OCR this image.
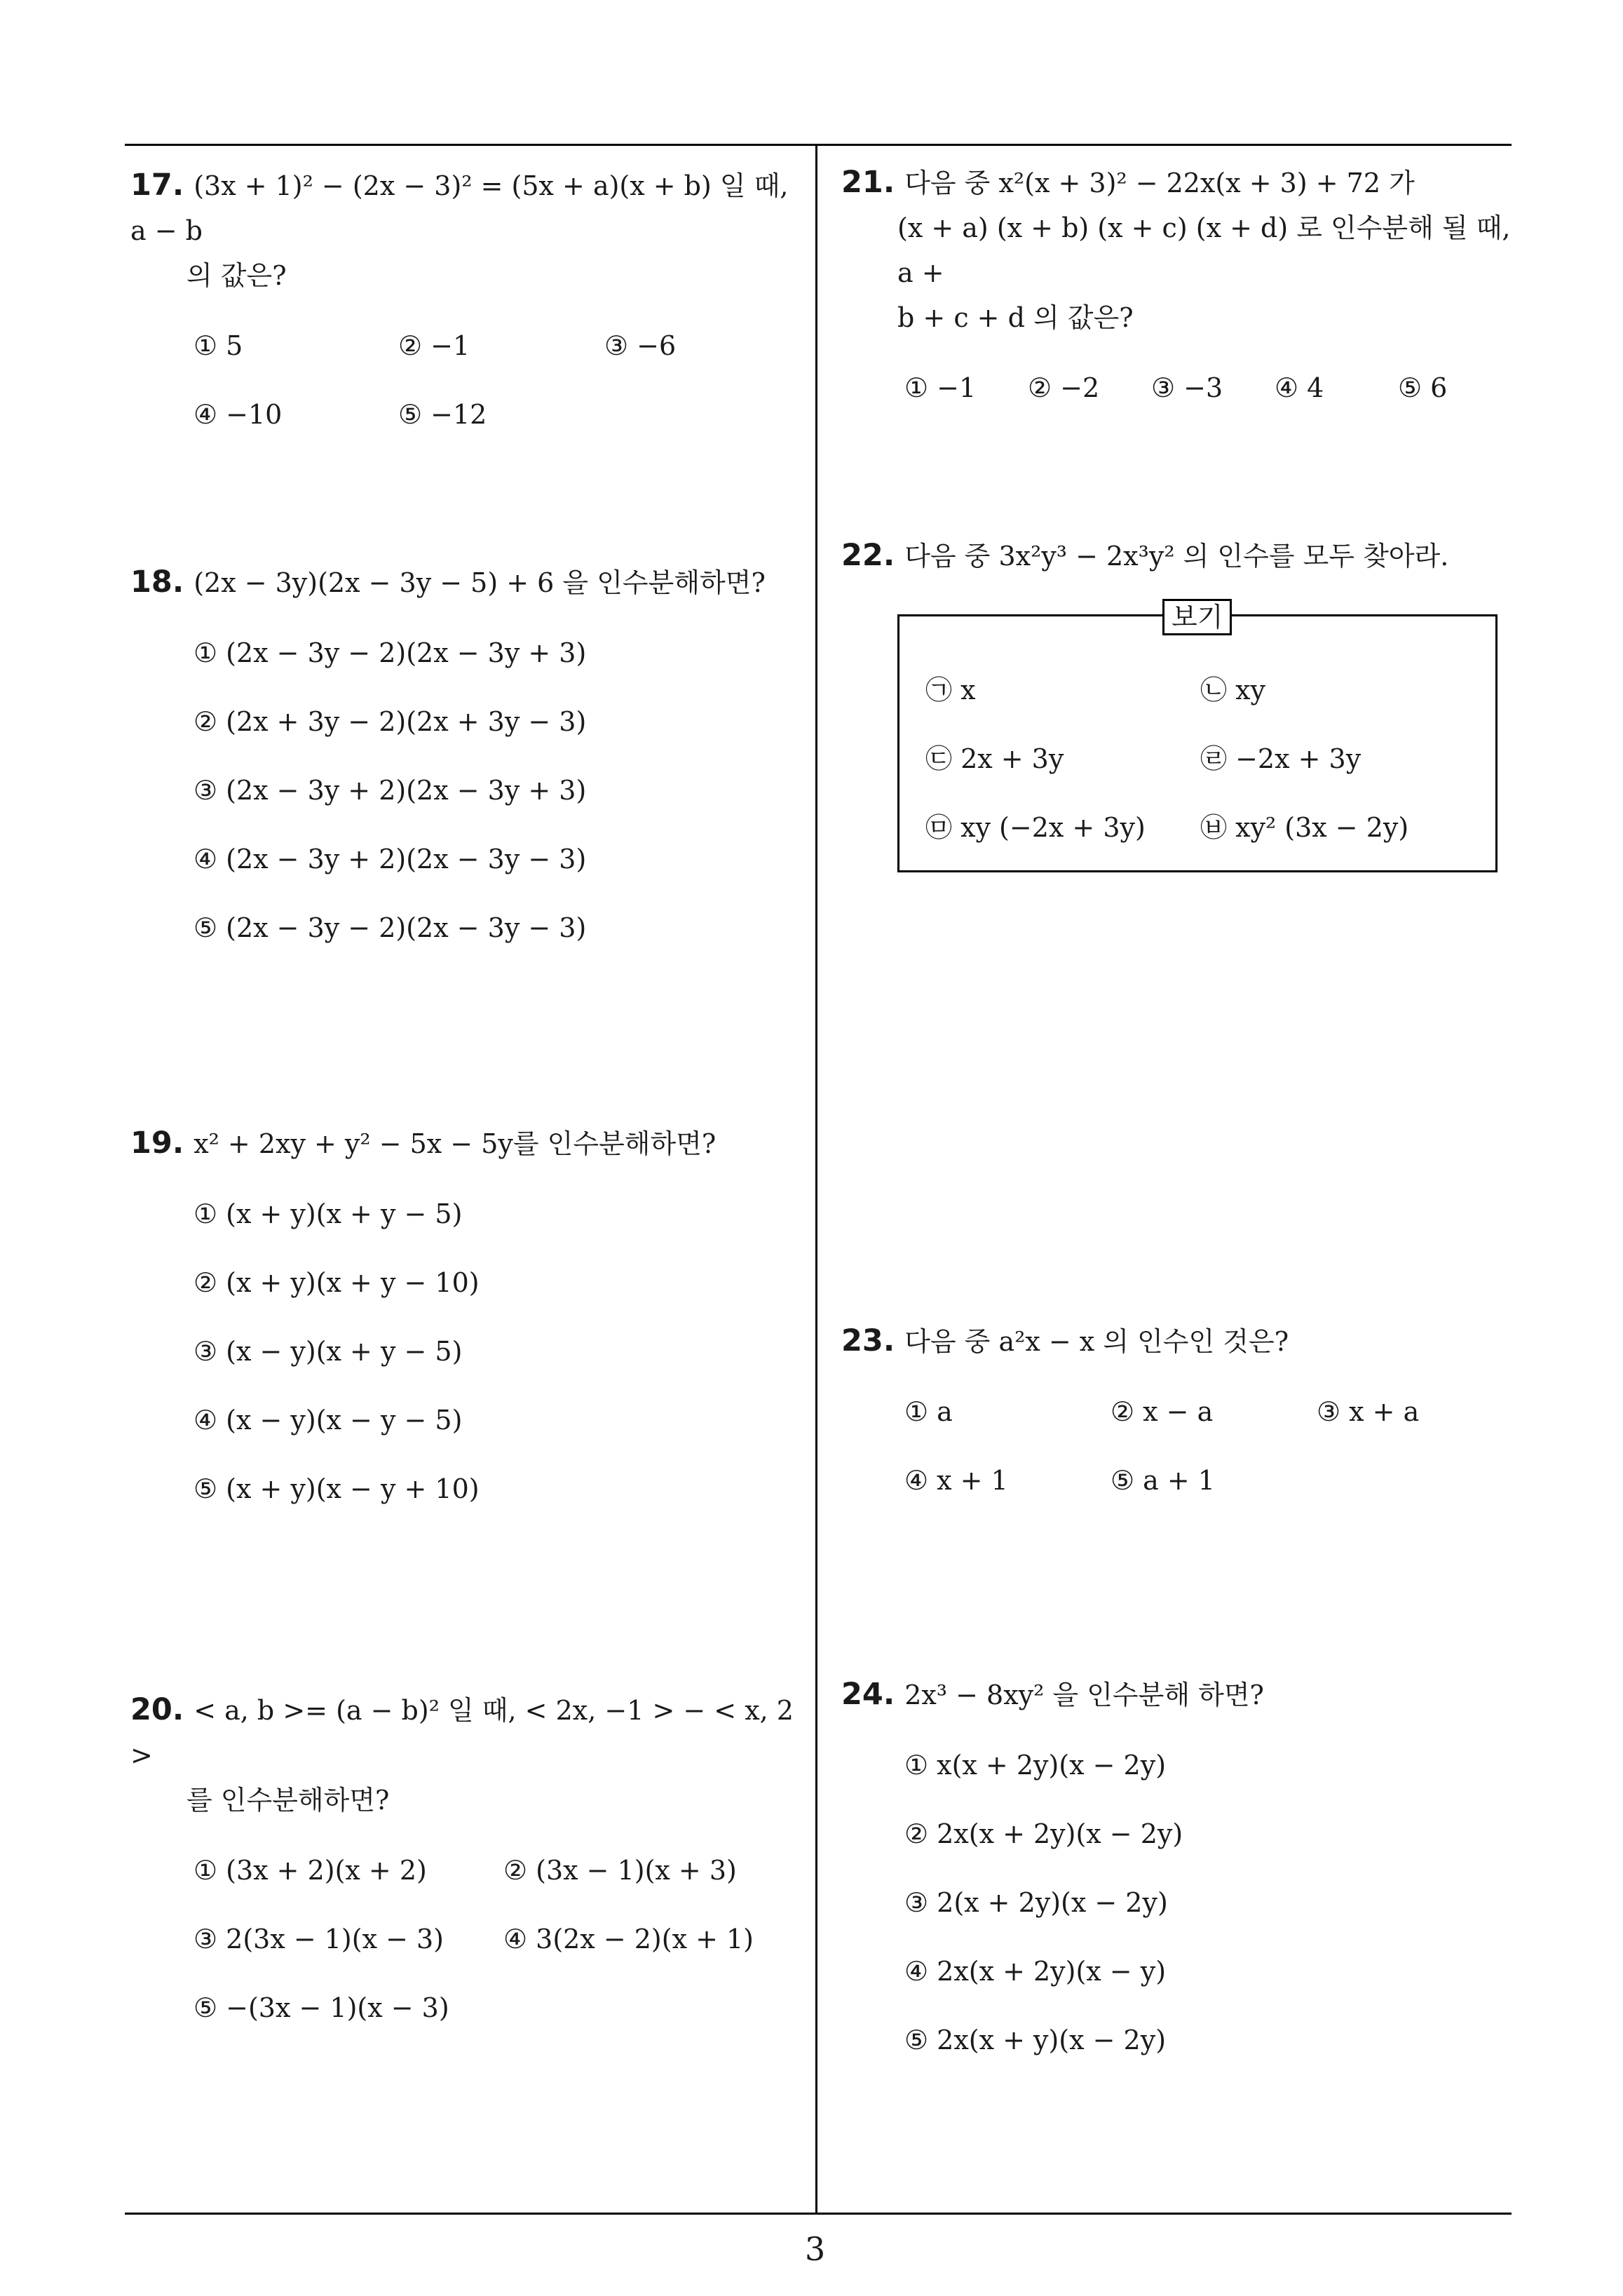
17. (3x + 1)² − (2x − 3)² = (5x + a)(x + b) 일 때, a − b
의 값은?
① 5	② −1	③ −6
④ −10	⑤ −12
18. (2x − 3y)(2x − 3y − 5) + 6 을 인수분해하면?
① (2x − 3y − 2)(2x − 3y + 3)
② (2x + 3y − 2)(2x + 3y − 3)
③ (2x − 3y + 2)(2x − 3y + 3)
④ (2x − 3y + 2)(2x − 3y − 3)
⑤ (2x − 3y − 2)(2x − 3y − 3)
19. x² + 2xy + y² − 5x − 5y를 인수분해하면?
① (x + y)(x + y − 5)
② (x + y)(x + y − 10)
③ (x − y)(x + y − 5)
④ (x − y)(x − y − 5)
⑤ (x + y)(x − y + 10)
20. < a, b >= (a − b)² 일 때, < 2x, −1 > − < x, 2 >
를 인수분해하면?
① (3x + 2)(x + 2)	② (3x − 1)(x + 3)
③ 2(3x − 1)(x − 3) ④ 3(2x − 2)(x + 1)
⑤ −(3x − 1)(x − 3)
21. 다음 중 x²(x + 3)² − 22x(x + 3) + 72 가
(x + a) (x + b) (x + c) (x + d) 로 인수분해 될 때, a +
b + c + d 의 값은?
① −1 ② −2 ③ −3 ④ 4	⑤ 6
22. 다음 중 3x²y³ − 2x³y² 의 인수를 모두 찾아라.
보기
㉠ x	㉡ xy
㉢ 2x + 3y	㉣ −2x + 3y
㉤ xy (−2x + 3y) ㉥ xy² (3x − 2y)
23. 다음 중 a²x − x 의 인수인 것은?
① a	② x − a	③ x + a
④ x + 1	⑤ a + 1
24. 2x³ − 8xy² 을 인수분해 하면?
① x(x + 2y)(x − 2y)
② 2x(x + 2y)(x − 2y)
③ 2(x + 2y)(x − 2y)
④ 2x(x + 2y)(x − y)
⑤ 2x(x + y)(x − 2y)
3
